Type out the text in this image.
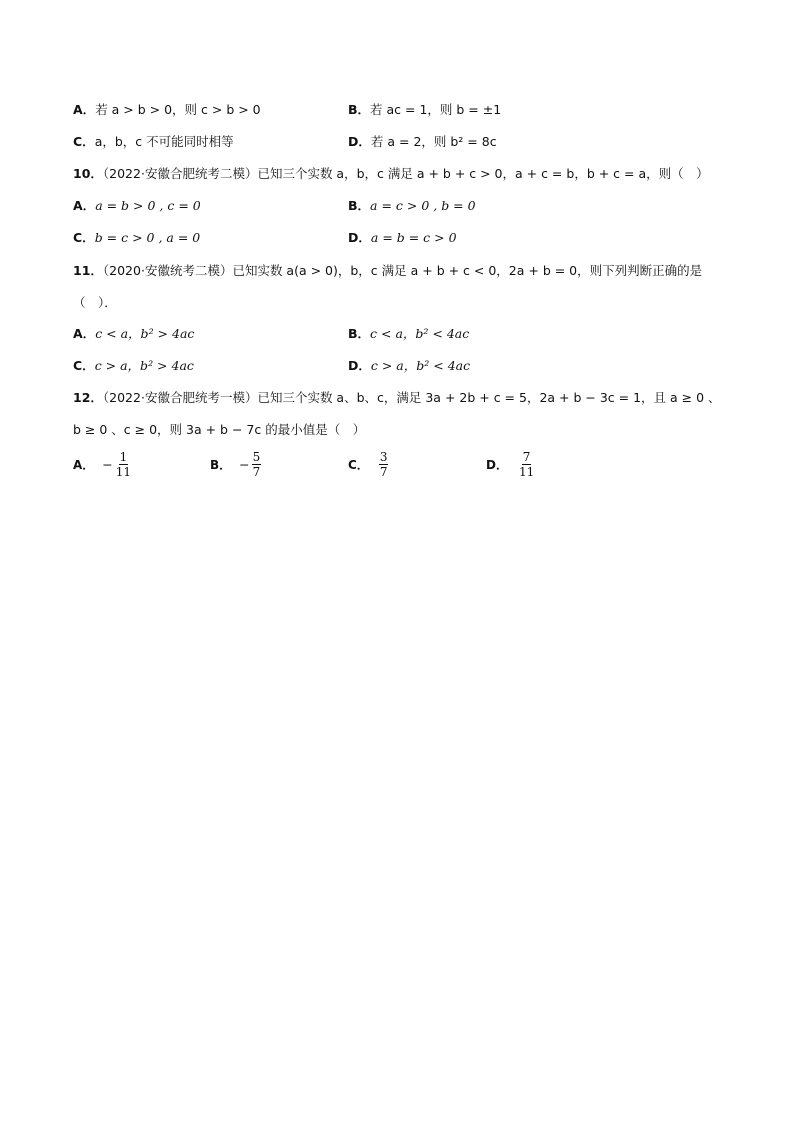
A．若 a > b > 0，则 c > b > 0	B．若 ac = 1，则 b = ±1
C．a，b，c 不可能同时相等	D．若 a = 2，则 b² = 8c
10．（2022·安徽合肥统考二模）已知三个实数 a，b，c 满足 a + b + c > 0，a + c = b，b + c = a，则（　）
A．a = b > 0 , c = 0	B．a = c > 0 , b = 0
C．b = c > 0 , a = 0	D．a = b = c > 0
11．（2020·安徽统考二模）已知实数 a(a > 0)，b，c 满足 a + b + c < 0，2a + b = 0，则下列判断正确的是
（　）．
A．c < a，b² > 4ac	B．c < a，b² < 4ac
C．c > a，b² > 4ac	D．c > a，b² < 4ac
12．（2022·安徽合肥统考一模）已知三个实数 a、b、c，满足 3a + 2b + c = 5，2a + b − 3c = 1，且 a ≥ 0 、
b ≥ 0 、c ≥ 0，则 3a + b − 7c 的最小值是（　）
A． − $\frac{1}{11}$	B． − $\frac{5}{7}$	C． $\frac{3}{7}$	D． $\frac{7}{11}$
